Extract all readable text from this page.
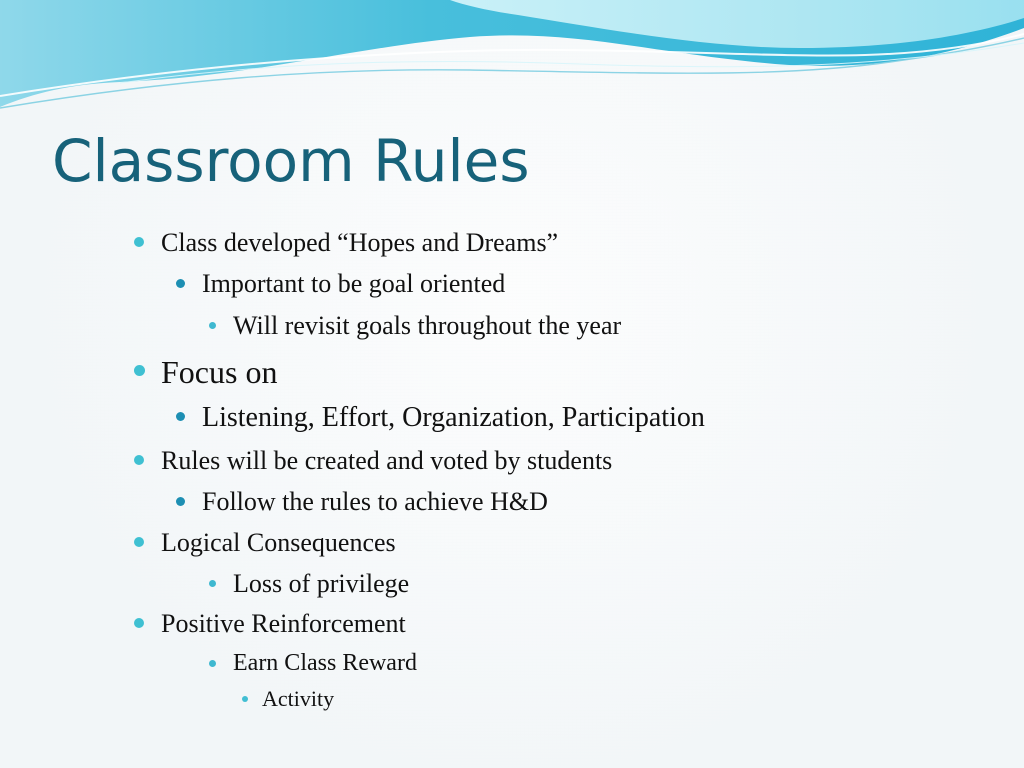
Classroom Rules
Class developed “Hopes and Dreams”
Important to be goal oriented
Will revisit goals throughout the year
Focus on
Listening, Effort, Organization, Participation
Rules will be created and voted by students
Follow the rules to achieve H&D
Logical Consequences
Loss of privilege
Positive Reinforcement
Earn Class Reward
Activity
